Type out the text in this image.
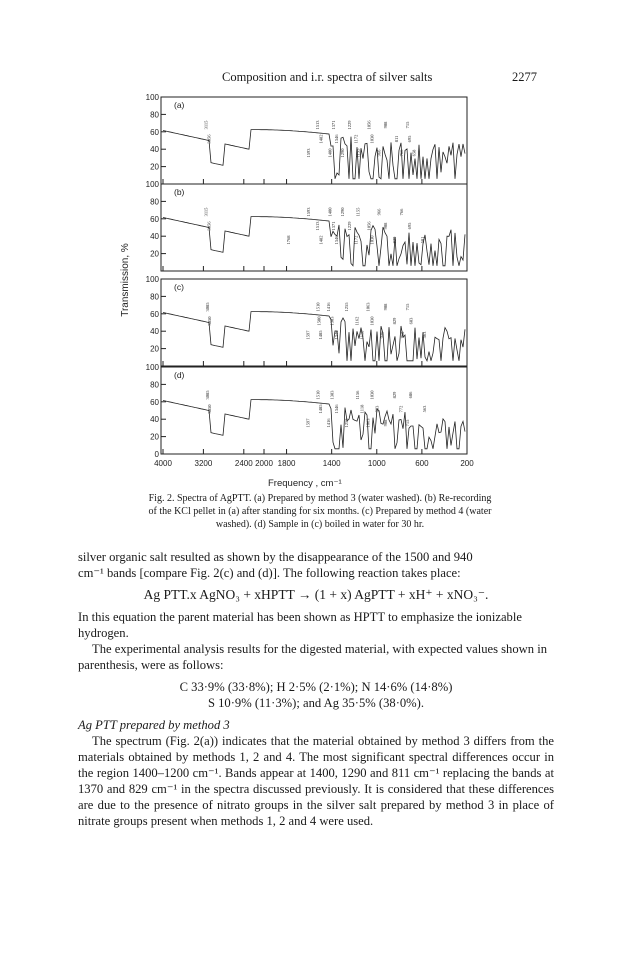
Composition and i.r. spectra of silver salts	2277
20
40
60
80
100
(a)
20
40
60
80
100
(b)
20
40
60
80
100
(c)
0
20
40
60
80
100
(d)
4000	3200	2400 2000 1800	1400	1000	600	200
3115
3056
1593
1513
1482
1400
1371
1346
1290
1229
1172
1155
1056
1030
966
908
811
766
715
695
658
3115
3056
1768
1593
1513
1482
1400
1371
1346
1290
1229
1172
1155
1056
1030
966
908
829
766
695
581
3085
3050
1597
1510
1500
1485
1416
1383
1346
1255
1162
1118
1063
1030
940
908
829
760
715
683
563
3085
3050
1597
1510
1485
1416
1383
1346
1255
1156
1118
1063
1030
983
908
829
772
715
686
563
Frequency , cm⁻¹
Transmission, %
Fig. 2. Spectra of AgPTT. (a) Prepared by method 3 (water washed). (b) Re-recording
of the KCl pellet in (a) after standing for six months. (c) Prepared by method 4 (water
washed). (d) Sample in (c) boiled in water for 30 hr.
silver organic salt resulted as shown by the disappearance of the 1500 and 940
cm⁻¹ bands [compare Fig. 2(c) and (d)]. The following reaction takes place:
Ag PTT.x AgNO₃ + xHPTT → (1 + x) AgPTT + xH⁺ + xNO₃⁻.

In this equation the parent material has been shown as HPTT to emphasize the ionizable hydrogen.

The experimental analysis results for the digested material, with expected values shown in parenthesis, were as follows:

C 33·9% (33·8%); H 2·5% (2·1%); N 14·6% (14·8%)
S 10·9% (11·3%); and Ag 35·5% (38·0%).
Ag PTT prepared by method 3

The spectrum (Fig. 2(a)) indicates that the material obtained by method 3 differs from the materials obtained by methods 1, 2 and 4. The most significant spectral differences occur in the region 1400–1200 cm⁻¹. Bands appear at 1400, 1290 and 811 cm⁻¹ replacing the bands at 1370 and 829 cm⁻¹ in the spectra discussed previously. It is considered that these differences are due to the presence of nitrato groups in the silver salt prepared by method 3 in place of nitrate groups present when methods 1, 2 and 4 were used.
